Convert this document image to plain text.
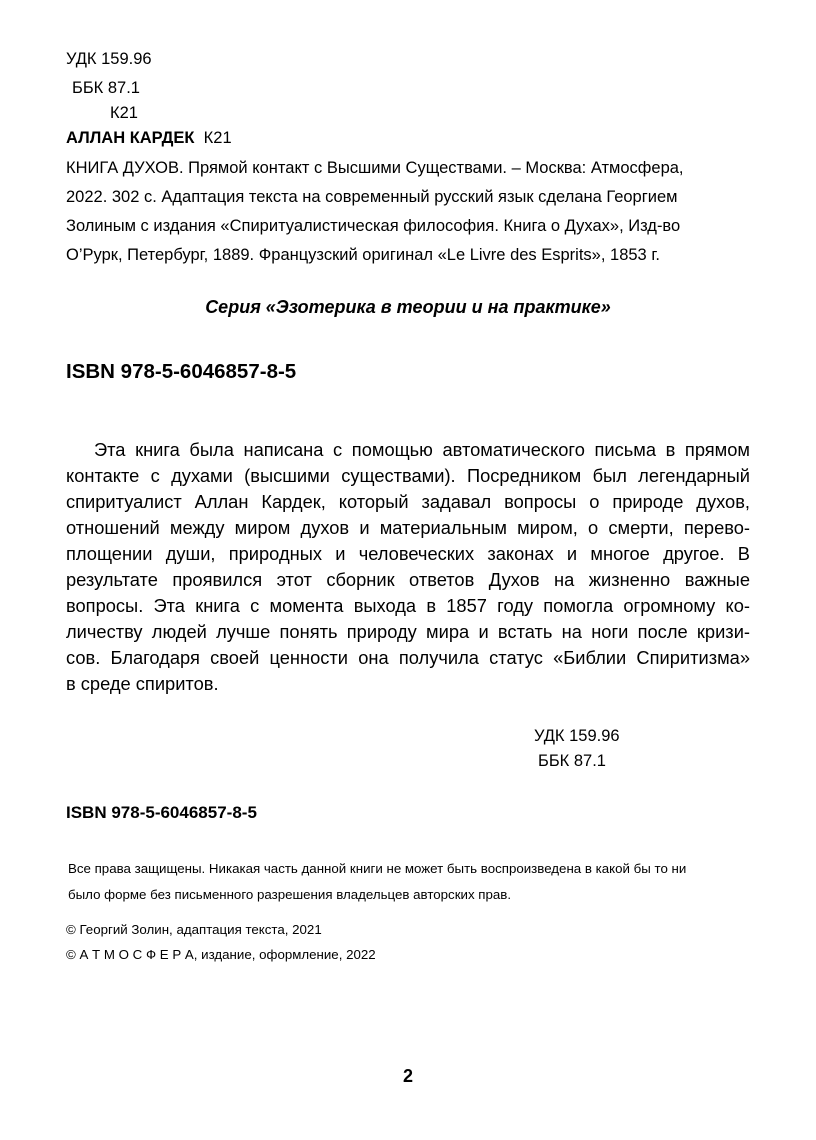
УДК 159.96
ББК 87.1
К21
АЛЛАН КАРДЕК К21
КНИГА ДУХОВ. Прямой контакт с Высшими Существами. – Москва: Атмосфера,
2022. 302 с. Адаптация текста на современный русский язык сделана Георгием
Золиным с издания «Спиритуалистическая философия. Книга о Духах», Изд-во
О’Рурк, Петербург, 1889. Французский оригинал «Le Livre des Esprits», 1853 г.
Серия «Эзотерика в теории и на практике»
ISBN 978-5-6046857-8-5
Эта книга была написана с помощью автоматического письма в прямом
контакте с духами (высшими существами). Посредником был легендарный
спиритуалист Аллан Кардек, который задавал вопросы о природе духов,
отношений между миром духов и материальным миром, о смерти, перево-
площении души, природных и человеческих законах и многое другое. В
результате проявился этот сборник ответов Духов на жизненно важные
вопросы. Эта книга с момента выхода в 1857 году помогла огромному ко-
личеству людей лучше понять природу мира и встать на ноги после кризи-
сов. Благодаря своей ценности она получила статус «Библии Спиритизма»
в среде спиритов.
УДК 159.96
ББК 87.1
ISBN 978-5-6046857-8-5
Все права защищены. Никакая часть данной книги не может быть воспроизведена в какой бы то ни
было форме без письменного разрешения владельцев авторских прав.
© Георгий Золин, адаптация текста, 2021
© А Т М О С Ф Е Р А, издание, оформление, 2022
2
